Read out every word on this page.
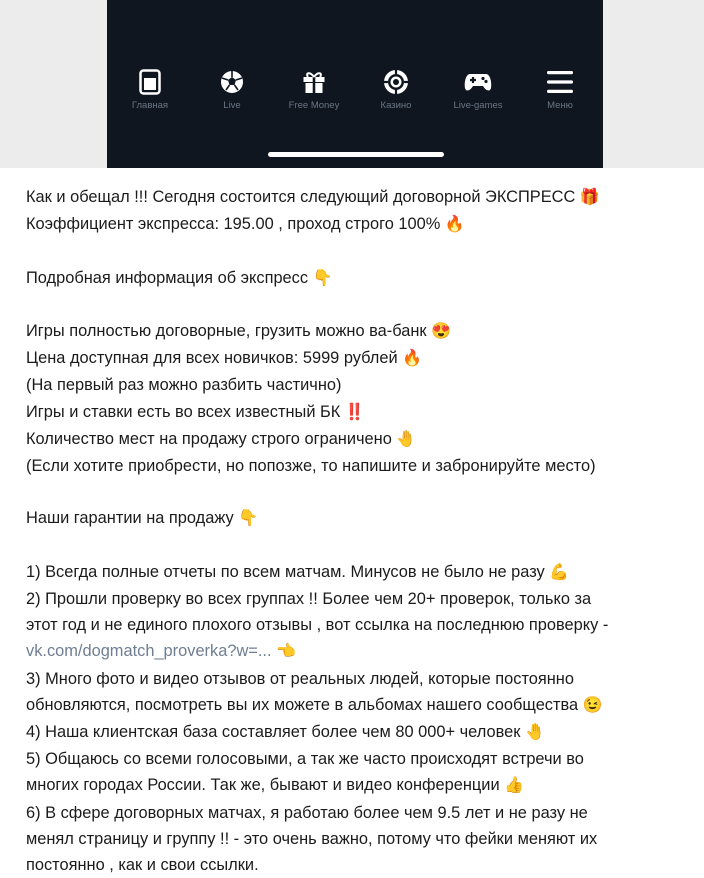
Главная	Live	Free Money	Казино	Live-games	Меню
Как и обещал !!! Сегодня состоится следующий договорной ЭКСПРЕСС 🎁
Коэффициент экспресса: 195.00 , проход строго 100% 🔥
Подробная информация об экспресс 👇
Игры полностью договорные, грузить можно ва-банк 😍
Цена доступная для всех новичков: 5999 рублей 🔥
(На первый раз можно разбить частично)
Игры и ставки есть во всех известный БК ‼️
Количество мест на продажу строго ограничено 🤚
(Если хотите приобрести, но попозже, то напишите и забронируйте место)
Наши гарантии на продажу 👇
1) Всегда полные отчеты по всем матчам. Минусов не было не разу 💪
2) Прошли проверку во всех группах !! Более чем 20+ проверок, только за
этот год и не единого плохого отзывы , вот ссылка на последнюю проверку -
vk.com/dogmatch_proverka?w=... 👈
3) Много фото и видео отзывов от реальных людей, которые постоянно
обновляются, посмотреть вы их можете в альбомах нашего сообщества 😉
4) Наша клиентская база составляет более чем 80 000+ человек 🤚
5) Общаюсь со всеми голосовыми, а так же часто происходят встречи во
многих городах России. Так же, бывают и видео конференции 👍
6) В сфере договорных матчах, я работаю более чем 9.5 лет и не разу не
менял страницу и группу !! - это очень важно, потому что фейки меняют их
постоянно , как и свои ссылки.
